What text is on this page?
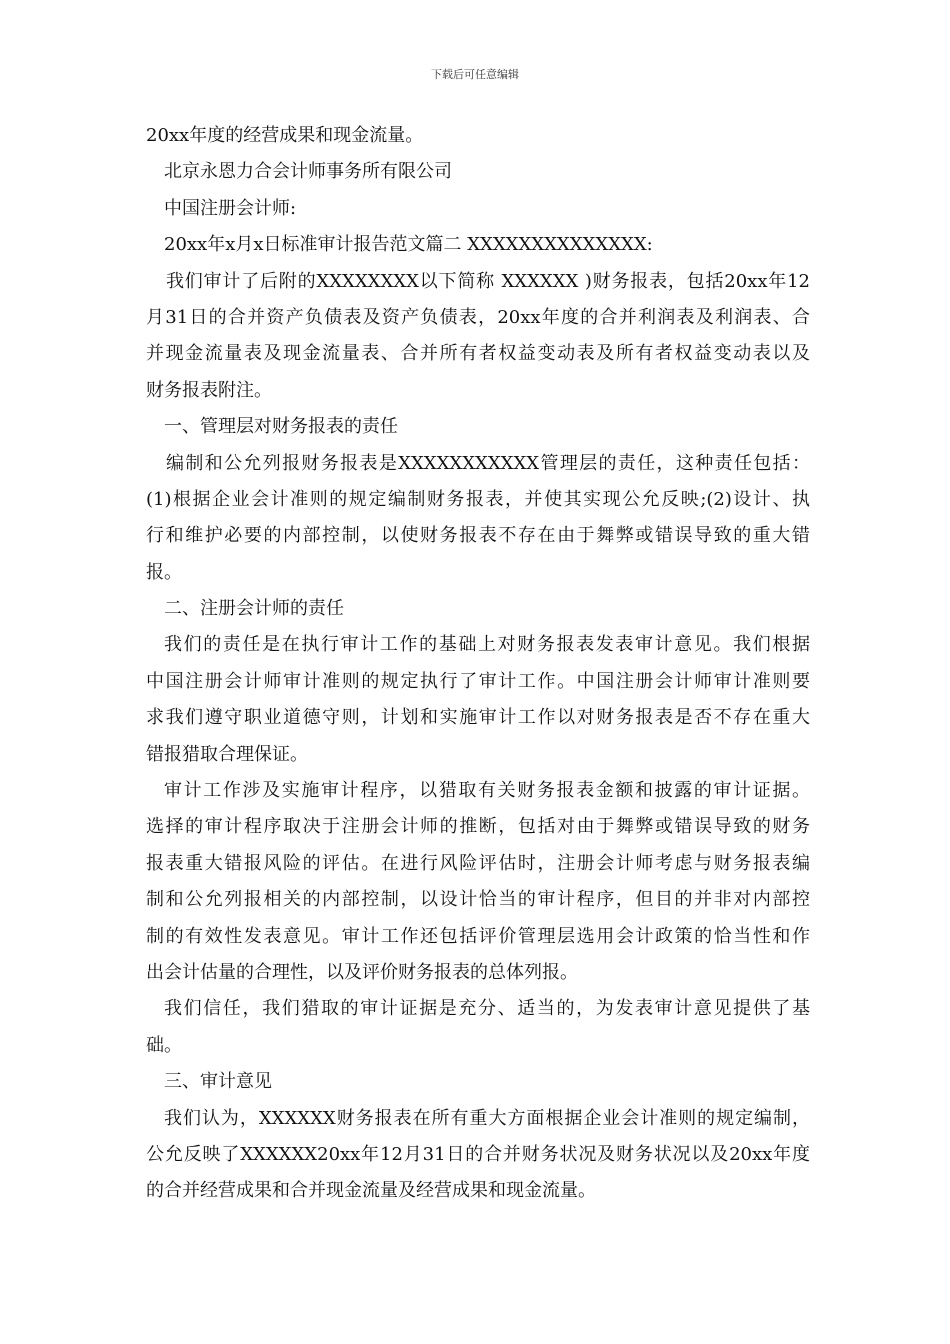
下载后可任意编辑
20xx年度的经营成果和现金流量。
北京永恩力合会计师事务所有限公司
中国注册会计师:
20xx年x月x日标准审计报告范文篇二 XXXXXXXXXXXXXX:
我们审计了后附的XXXXXXXX以下简称 XXXXXX )财务报表，包括20xx年12
月31日的合并资产负债表及资产负债表，20xx年度的合并利润表及利润表、合
并现金流量表及现金流量表、合并所有者权益变动表及所有者权益变动表以及
财务报表附注。
一、管理层对财务报表的责任
编制和公允列报财务报表是XXXXXXXXXXX管理层的责任，这种责任包括：
(1)根据企业会计准则的规定编制财务报表，并使其实现公允反映;(2)设计、执
行和维护必要的内部控制，以使财务报表不存在由于舞弊或错误导致的重大错
报。
二、注册会计师的责任
我们的责任是在执行审计工作的基础上对财务报表发表审计意见。我们根据
中国注册会计师审计准则的规定执行了审计工作。中国注册会计师审计准则要
求我们遵守职业道德守则，计划和实施审计工作以对财务报表是否不存在重大
错报猎取合理保证。
审计工作涉及实施审计程序，以猎取有关财务报表金额和披露的审计证据。
选择的审计程序取决于注册会计师的推断，包括对由于舞弊或错误导致的财务
报表重大错报风险的评估。在进行风险评估时，注册会计师考虑与财务报表编
制和公允列报相关的内部控制，以设计恰当的审计程序，但目的并非对内部控
制的有效性发表意见。审计工作还包括评价管理层选用会计政策的恰当性和作
出会计估量的合理性，以及评价财务报表的总体列报。
我们信任，我们猎取的审计证据是充分、适当的，为发表审计意见提供了基
础。
三、审计意见
我们认为，XXXXXX财务报表在所有重大方面根据企业会计准则的规定编制，
公允反映了XXXXXX20xx年12月31日的合并财务状况及财务状况以及20xx年度
的合并经营成果和合并现金流量及经营成果和现金流量。
